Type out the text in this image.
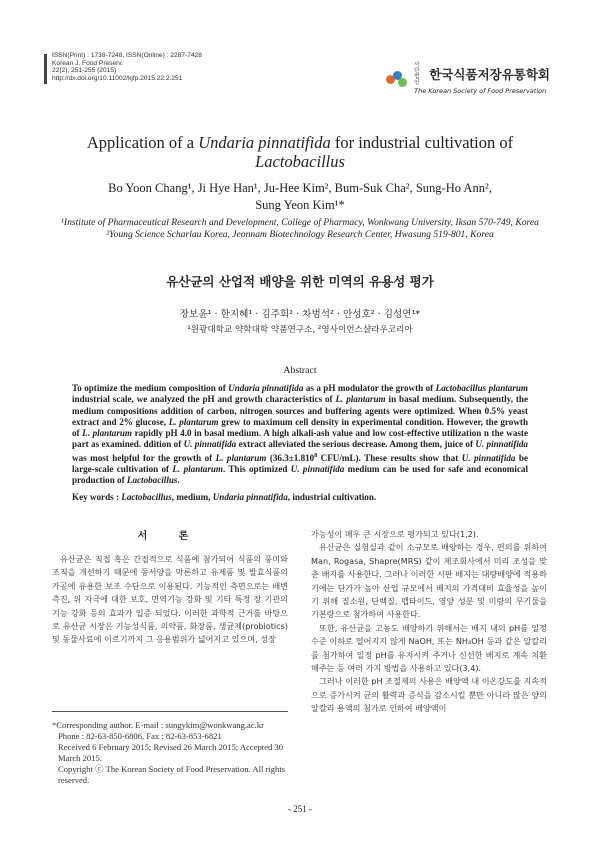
ISSN(Print) : 1738-7248, ISSN(Online) : 2287-7428
Korean J. Food Preserv.
22(2), 251-255 (2015)
http://dx.doi.org/10.11002/kjfp.2015.22.2.251
사단법인 한국식품저장유통학회
The Korean Society of Food Preservation
Application of a Undaria pinnatifida for industrial cultivation of
Lactobacillus
Bo Yoon Chang¹, Ji Hye Han¹, Ju-Hee Kim², Bum-Suk Cha², Sung-Ho Ann²,
Sung Yeon Kim¹*
¹Institute of Pharmaceutical Research and Development, College of Pharmacy, Wonkwang University, Iksan 570-749, Korea
²Young Science Scharlau Korea, Jeonnam Biotechnology Research Center, Hwasung 519-801, Korea
유산균의 산업적 배양을 위한 미역의 유용성 평가
장보윤¹ · 한지혜¹ · 김주희² · 차범석² · 안성호² · 김성연¹*
¹원광대학교 약학대학 약품연구소, ²영사이언스샬라우코리아
Abstract
To optimize the medium composition of Undaria pinnatifida as a pH modulator the growth of Lactobacillus plantarum industrial scale, we analyzed the pH and growth characteristics of L. plantarum in basal medium. Subsequently, the medium compositions addition of carbon, nitrogen sources and buffering agents were optimized. When 0.5% yeast extract and 2% glucose, L. plantarum grew to maximum cell density in experimental condition. However, the growth of L. plantarum rapidly pH 4.0 in basal medium. A high alkali-ash value and low cost-effective utilization n the waste part as examined. ddition of U. pinnatifida extract alleviated the serious decrease. Among them, juice of U. pinnatifida was most helpful for the growth of L. plantarum ($36.3\pm 1.810^8$ CFU/mL). These results show that U. pinnatifida be large-scale cultivation of L. plantarum. This optimized U. pinnatifida medium can be used for safe and economical production of Lactobacillus.
Key words : Lactobacillus, medium, Undaria pinnatifida, industrial cultivation.
서 론

유산균은 직접 혹은 간접적으로 식품에 첨가되어 식품의 풍미와 조직을 개선하기 때문에 동서양을 막론하고 유제품 및 발효식품의 가공에 유용한 보조 수단으로 이용된다. 기능적인 측면으로는 배변 촉진, 위 자극에 대한 보호, 면역기능 강화 및 기타 특정 장 기관의 기능 강화 등의 효과가 입증 되었다. 이러한 과학적 근거를 바탕으로 유산균 시장은 기능성식품, 의약품, 화장품, 생균제(probiotics) 및 동물사료에 이르기까지 그 응용범위가 넓어지고 있으며, 성장

가능성이 매우 큰 시장으로 평가되고 있다(1,2).

유산균은 실험실과 같이 소규모로 배양하는 경우, 편의를 위하여 Man, Rogasa, Shapre(MRS) 같이 제조회사에서 미리 조성을 맞춘 배지를 사용한다. 그러나 이러한 시판 배지는 대량배양에 적용하기에는 단가가 높아 산업 규모에서 배지의 가격대비 효율성을 높이기 위해 질소원, 단백질, 펩타이드, 영양 성분 및 미량의 무기물을 기본량으로 첨가하여 사용한다.

또한, 유산균을 고농도 배양하기 위해서는 배지 내의 pH를 일정 수준 이하로 떨어지지 않게 NaOH, 또는 NH₄OH 등과 같은 알칼리를 첨가하여 일정 pH를 유지시켜 주거나 신선한 배지로 계속 치환해주는 등 여러 가지 방법을 사용하고 있다(3,4).

그러나 이러한 pH 조절제의 사용은 배양액 내 이온강도를 지속적으로 증가시켜 균의 활력과 증식을 감소시킬 뿐만 아니라 많은 양의 알칼리 용액의 첨가로 인하여 배양액이

*Corresponding author. E-mail : sungykim@wonkwang.ac.kr
Phone : 82-63-850-6806, Fax : 82-63-853-6821
Received 6 February 2015; Revised 26 March 2015; Accepted 30 March 2015.
Copyright ⓒ The Korean Society of Food Preservation. All rights reserved.
- 251 -
